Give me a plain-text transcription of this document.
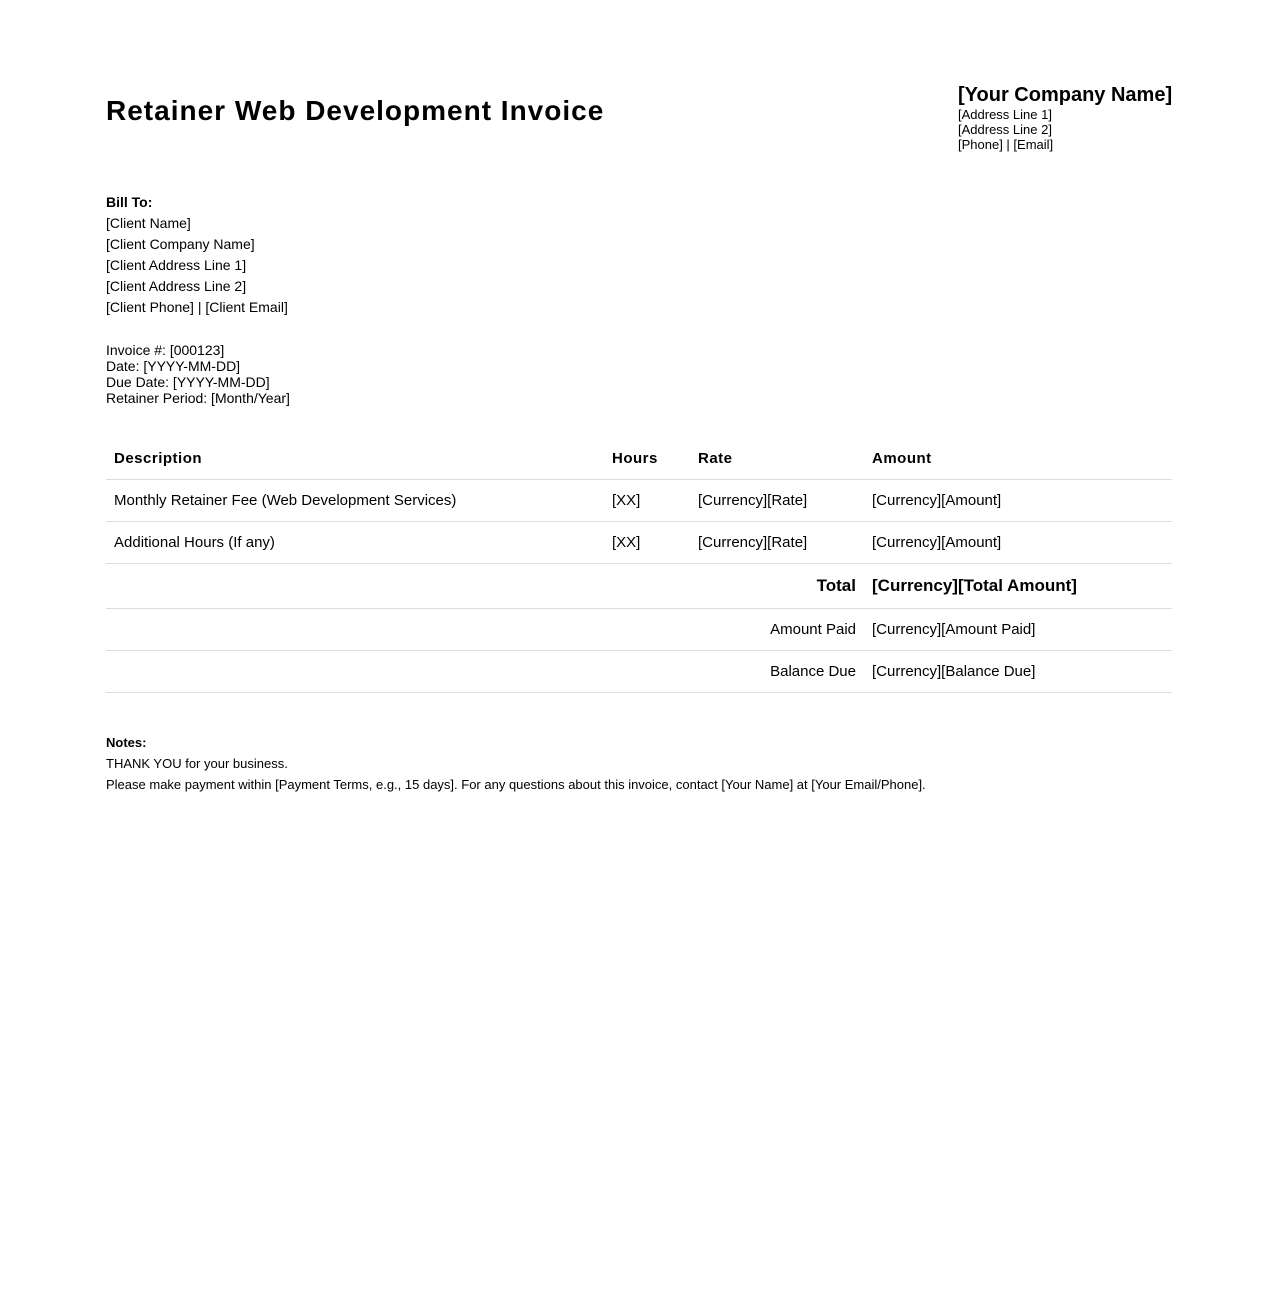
Retainer Web Development Invoice	[Your Company Name]
[Address Line 1]
[Address Line 2]
[Phone] | [Email]
Bill To:
[Client Name]
[Client Company Name]
[Client Address Line 1]
[Client Address Line 2]
[Client Phone] | [Client Email]
Invoice #: [000123]
Date: [YYYY-MM-DD]
Due Date: [YYYY-MM-DD]
Retainer Period: [Month/Year]
Description	Hours	Rate	Amount
Monthly Retainer Fee (Web Development Services)	[XX]	[Currency][Rate]	[Currency][Amount]
Additional Hours (If any)	[XX]	[Currency][Rate]	[Currency][Amount]
Total			[Currency][Total Amount]
Amount Paid			[Currency][Amount Paid]
Balance Due			[Currency][Balance Due]
Notes:
THANK YOU for your business.
Please make payment within [Payment Terms, e.g., 15 days]. For any questions about this invoice, contact [Your Name] at [Your Email/Phone].
